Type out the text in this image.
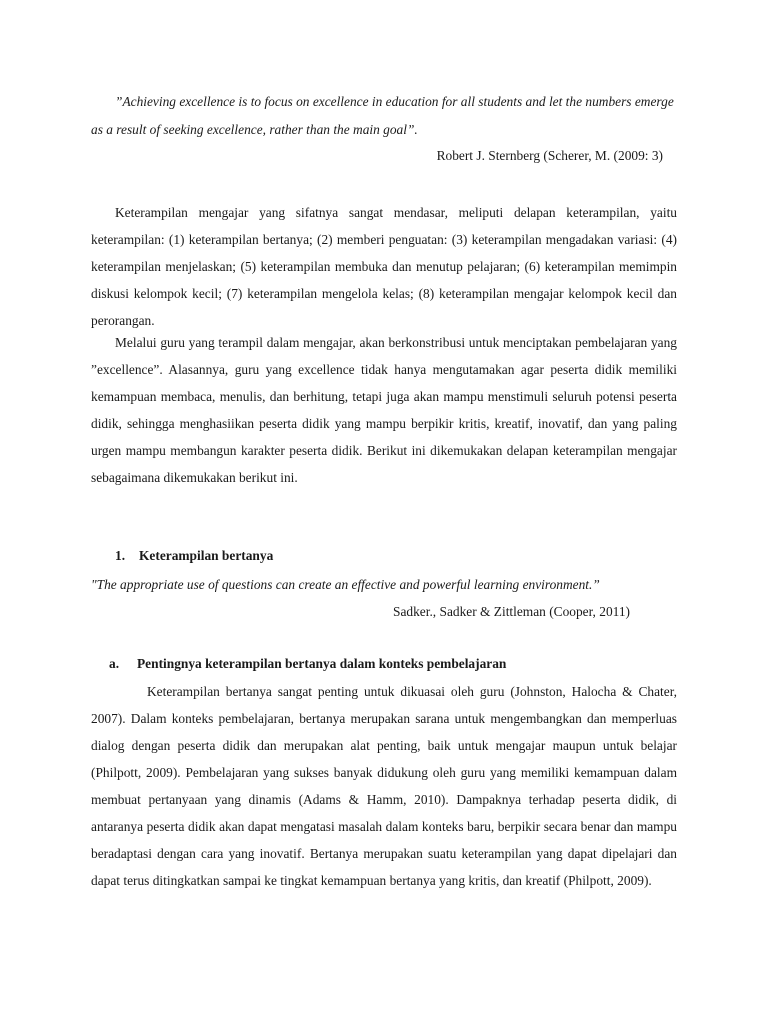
”Achieving excellence is to focus on excellence in education for all students and let the numbers emerge as a result of seeking excellence, rather than the main goal”.

Robert J. Sternberg (Scherer, M. (2009: 3)

Keterampilan mengajar yang sifatnya sangat mendasar, meliputi delapan keterampilan, yaitu keterampilan: (1) keterampilan bertanya; (2) memberi penguatan: (3) keterampilan mengadakan variasi: (4) keterampilan menjelaskan; (5) keterampilan membuka dan menutup pelajaran; (6) keterampilan memimpin diskusi kelompok kecil; (7) keterampilan mengelola kelas; (8) keterampilan mengajar kelompok kecil dan perorangan.

Melalui guru yang terampil dalam mengajar, akan berkonstribusi untuk menciptakan pembelajaran yang ”excellence”. Alasannya, guru yang excellence tidak hanya mengutamakan agar peserta didik memiliki kemampuan membaca, menulis, dan berhitung, tetapi juga akan mampu menstimuli seluruh potensi peserta didik, sehingga menghasiikan peserta didik yang mampu berpikir kritis, kreatif, inovatif, dan yang paling urgen mampu membangun karakter peserta didik. Berikut ini dikemukakan delapan keterampilan mengajar sebagaimana dikemukakan berikut ini.

1. Keterampilan bertanya

"The appropriate use of questions can create an effective and powerful learning environment.”

Sadker., Sadker & Zittleman (Cooper, 2011)

a. Pentingnya keterampilan bertanya dalam konteks pembelajaran

Keterampilan bertanya sangat penting untuk dikuasai oleh guru (Johnston, Halocha & Chater, 2007). Dalam konteks pembelajaran, bertanya merupakan sarana untuk mengembangkan dan memperluas dialog dengan peserta didik dan merupakan alat penting, baik untuk mengajar maupun untuk belajar (Philpott, 2009). Pembelajaran yang sukses banyak didukung oleh guru yang memiliki kemampuan dalam membuat pertanyaan yang dinamis (Adams & Hamm, 2010). Dampaknya terhadap peserta didik, di antaranya peserta didik akan dapat mengatasi masalah dalam konteks baru, berpikir secara benar dan mampu beradaptasi dengan cara yang inovatif. Bertanya merupakan suatu keterampilan yang dapat dipelajari dan dapat terus ditingkatkan sampai ke tingkat kemampuan bertanya yang kritis, dan kreatif (Philpott, 2009).
